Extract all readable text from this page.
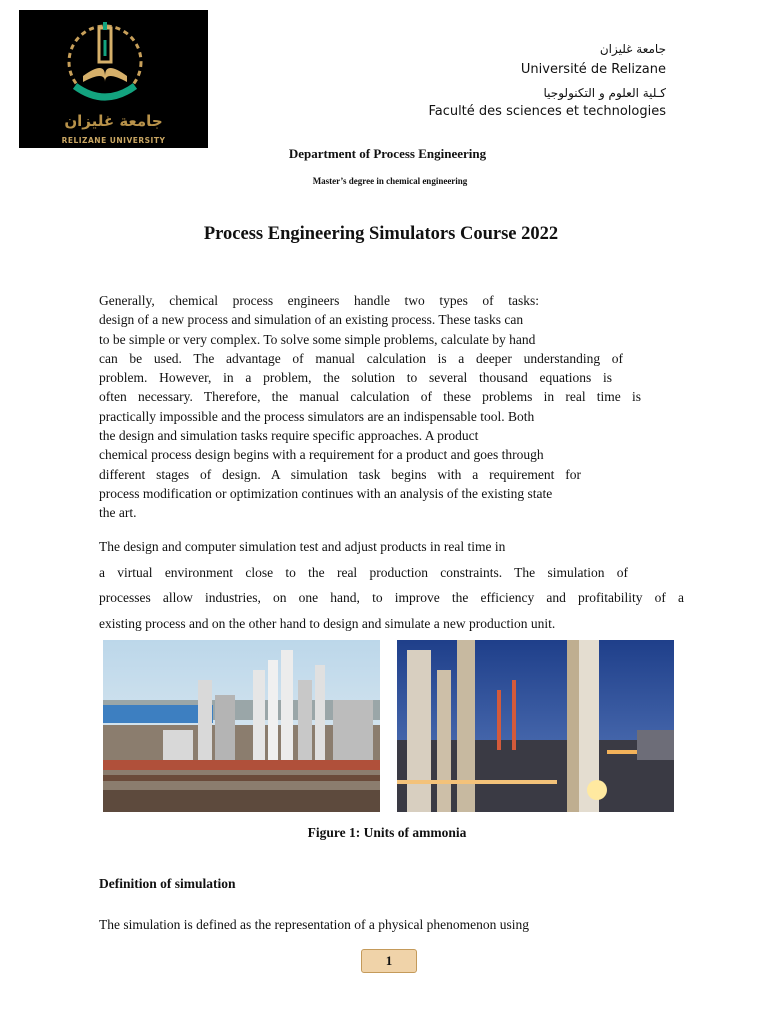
جامعة غليزان
RELIZANE UNIVERSITY
جامعة غليزان
Université de Relizane
كـلية العلوم و التكنولوجيا
Faculté des sciences et technologies
Department of Process Engineering
Master’s degree in chemical engineering
Process Engineering Simulators Course 2022
Generally, chemical process engineers handle two types of tasks:
design of a new process and simulation of an existing process. These tasks can
to be simple or very complex. To solve some simple problems, calculate by hand
can be used. The advantage of manual calculation is a deeper understanding of
problem. However, in a problem, the solution to several thousand equations is
often necessary. Therefore, the manual calculation of these problems in real time is
practically impossible and the process simulators are an indispensable tool. Both
the design and simulation tasks require specific approaches. A product
chemical process design begins with a requirement for a product and goes through
different stages of design. A simulation task begins with a requirement for
process modification or optimization continues with an analysis of the existing state
the art.
The design and computer simulation test and adjust products in real time in
a virtual environment close to the real production constraints. The simulation of
processes allow industries, on one hand, to improve the efficiency and profitability of a
existing process and on the other hand to design and simulate a new production unit.
Figure 1: Units of ammonia
Definition of simulation
The simulation is defined as the representation of a physical phenomenon using
1
